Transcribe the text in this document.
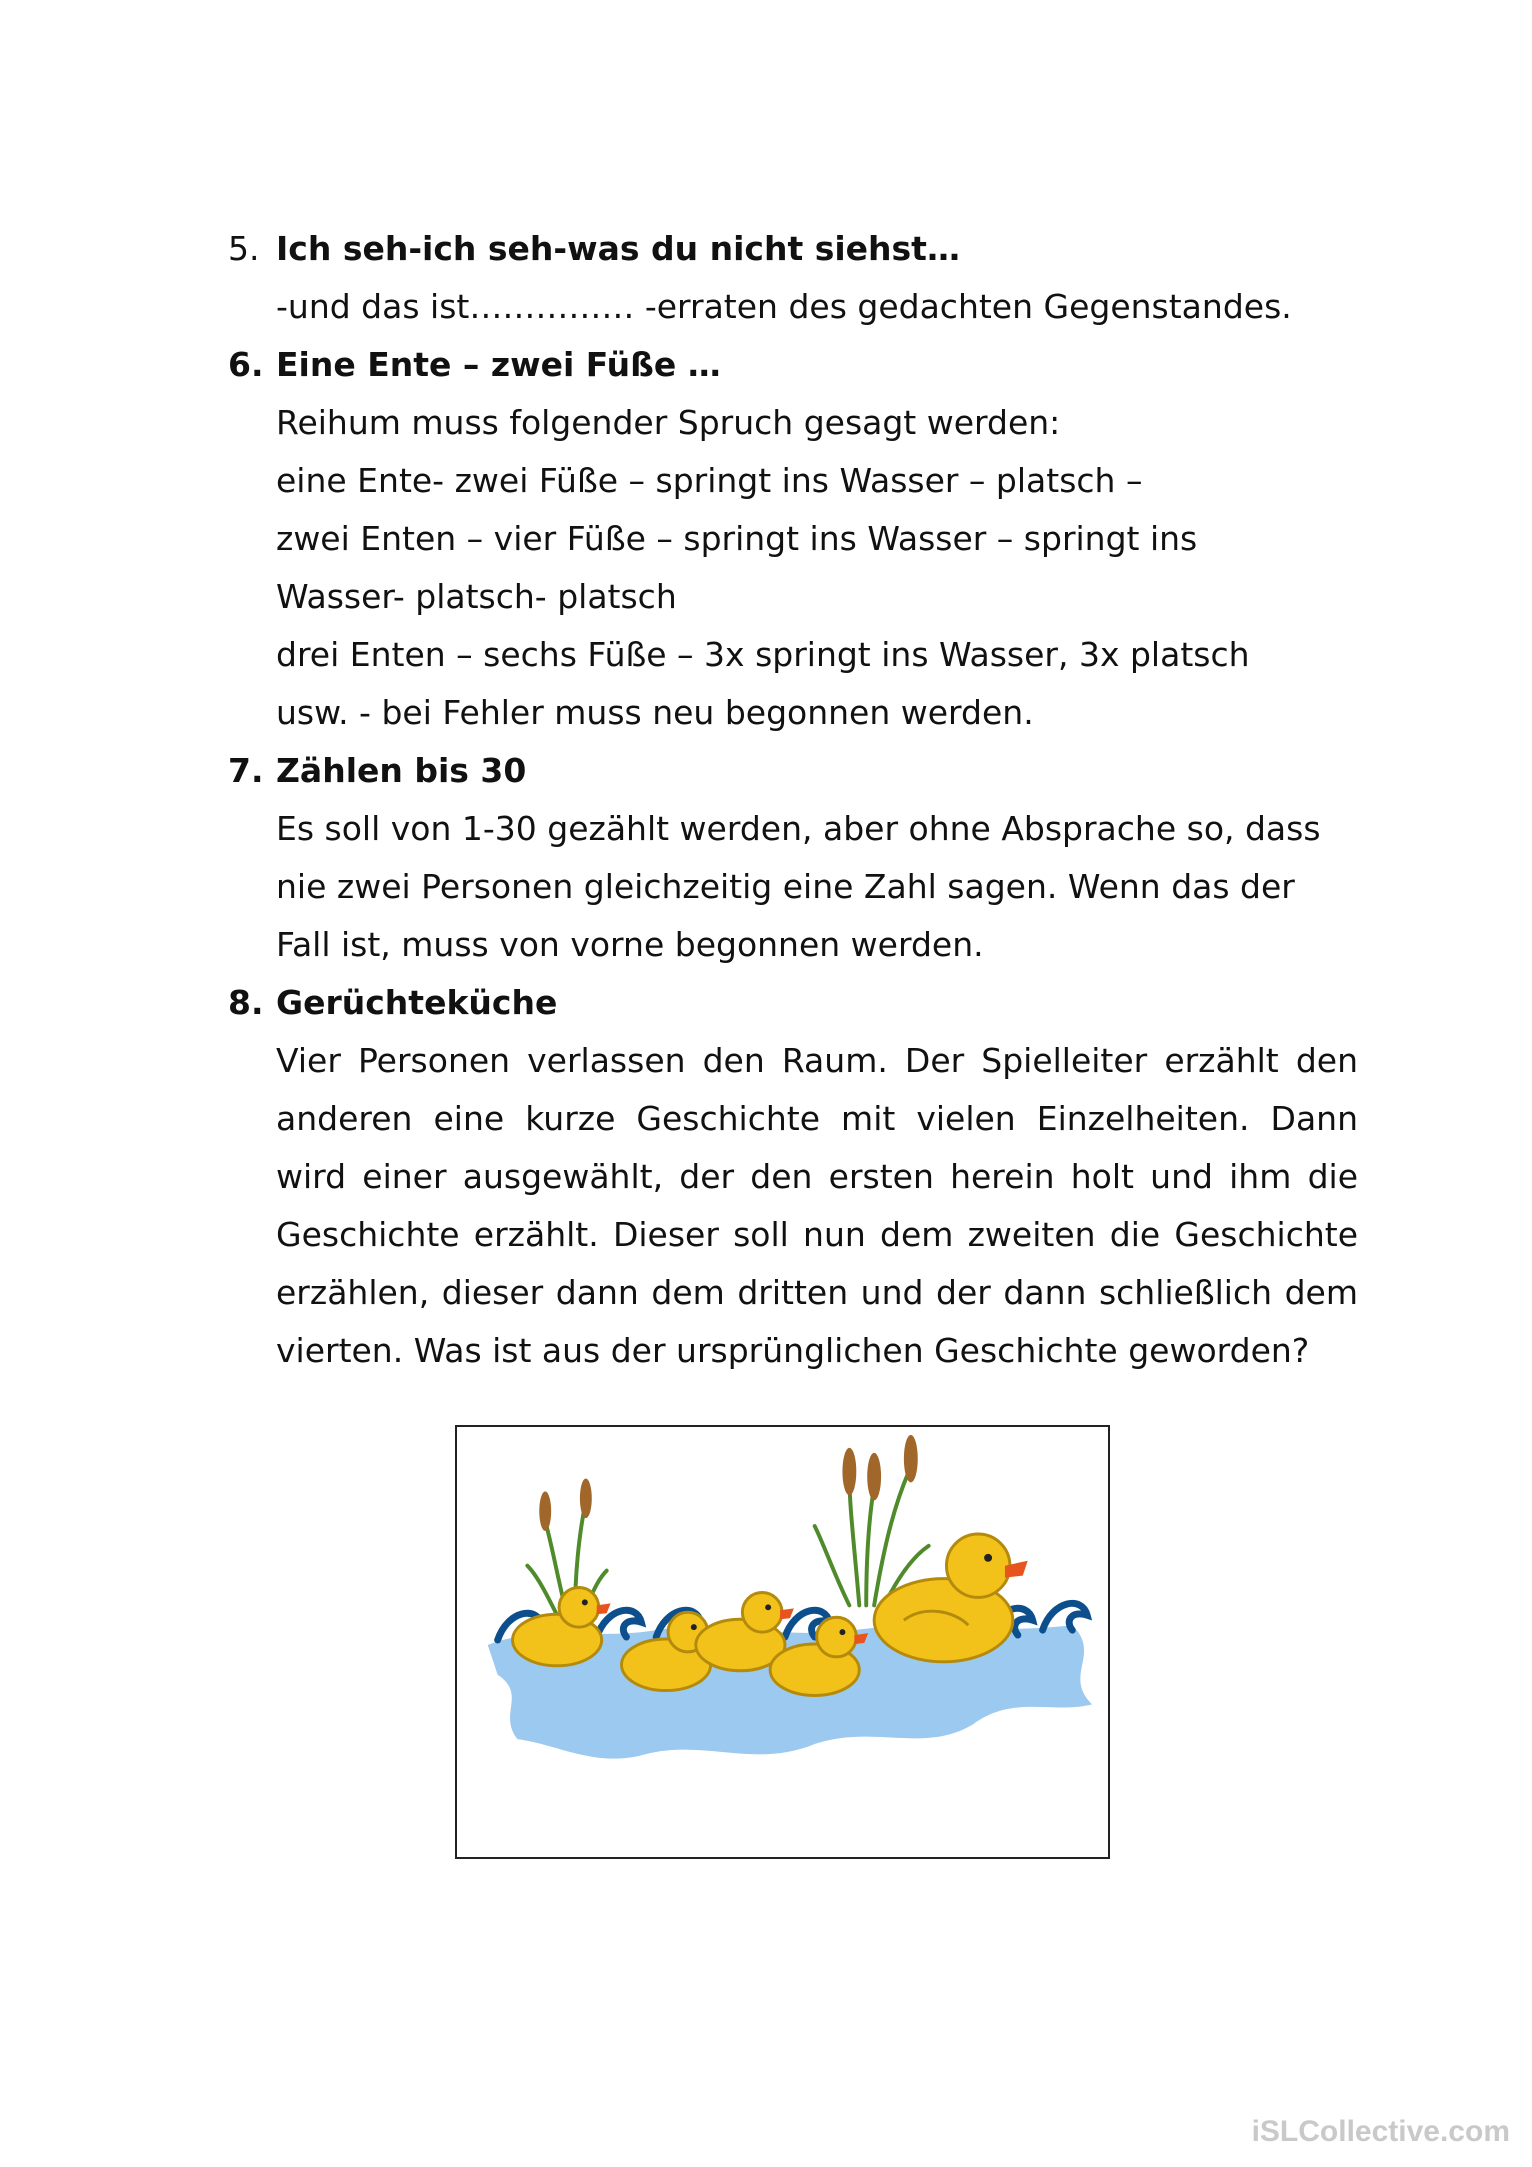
5. Ich seh-ich seh-was du nicht siehst…
-und das ist…………… -erraten des gedachten Gegenstandes.
6. Eine Ente – zwei Füße …
Reihum muss folgender Spruch gesagt werden:
eine Ente- zwei Füße – springt ins Wasser – platsch –
zwei Enten – vier Füße – springt ins Wasser – springt ins
Wasser- platsch- platsch
drei Enten – sechs Füße – 3x springt ins Wasser, 3x platsch
usw. - bei Fehler muss neu begonnen werden.
7. Zählen bis 30
Es soll von 1-30 gezählt werden, aber ohne Absprache so, dass
nie zwei Personen gleichzeitig eine Zahl sagen. Wenn das der
Fall ist, muss von vorne begonnen werden.
8. Gerüchteküche
Vier Personen verlassen den Raum. Der Spielleiter erzählt den anderen eine kurze Geschichte mit vielen Einzelheiten. Dann wird einer ausgewählt, der den ersten herein holt und ihm die Geschichte erzählt. Dieser soll nun dem zweiten die Geschichte erzählen, dieser dann dem dritten und der dann schließlich dem vierten. Was ist aus der ursprünglichen Geschichte geworden?
iSLCollective.com
